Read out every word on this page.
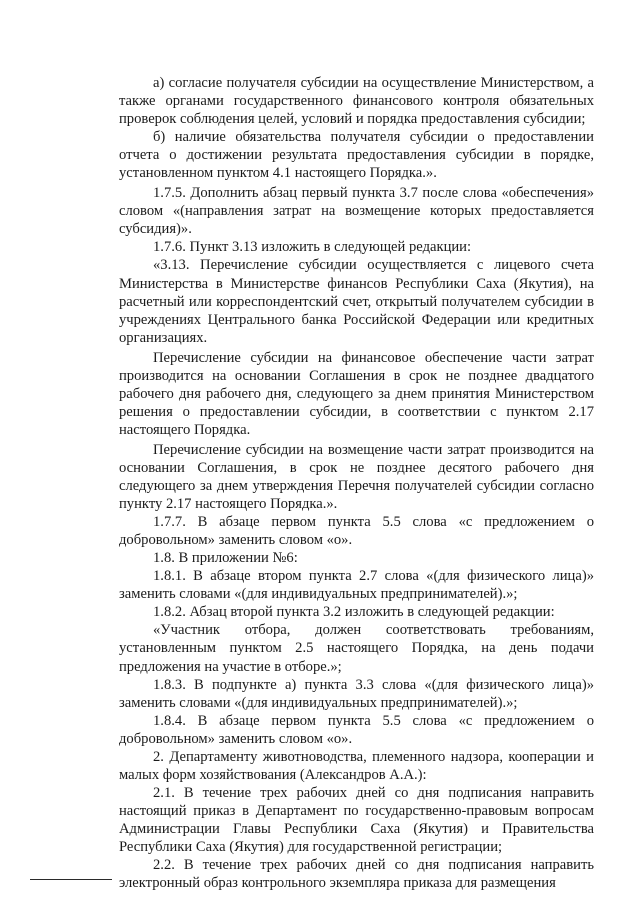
а) согласие получателя субсидии на осуществление Министерством, а также органами государственного финансового контроля обязательных проверок соблюдения целей, условий и порядка предоставления субсидии;

б) наличие обязательства получателя субсидии о предоставлении отчета о достижении результата предоставления субсидии в порядке, установленном пунктом 4.1 настоящего Порядка.».

1.7.5. Дополнить абзац первый пункта 3.7 после слова «обеспечения» словом «(направления затрат на возмещение которых предоставляется субсидия)».

1.7.6. Пункт 3.13 изложить в следующей редакции:

«3.13. Перечисление субсидии осуществляется с лицевого счета Министерства в Министерстве финансов Республики Саха (Якутия), на расчетный или корреспондентский счет, открытый получателем субсидии в учреждениях Центрального банка Российской Федерации или кредитных организациях.

Перечисление субсидии на финансовое обеспечение части затрат производится на основании Соглашения в срок не позднее двадцатого рабочего дня рабочего дня, следующего за днем принятия Министерством решения о предоставлении субсидии, в соответствии с пунктом 2.17 настоящего Порядка.

Перечисление субсидии на возмещение части затрат производится на основании Соглашения, в срок не позднее десятого рабочего дня следующего за днем утверждения Перечня получателей субсидии согласно пункту 2.17 настоящего Порядка.».

1.7.7. В абзаце первом пункта 5.5 слова «с предложением о добровольном» заменить словом «о».

1.8. В приложении №6:

1.8.1. В абзаце втором пункта 2.7 слова «(для физического лица)» заменить словами «(для индивидуальных предпринимателей).»;

1.8.2. Абзац второй пункта 3.2 изложить в следующей редакции:

«Участник отбора, должен соответствовать требованиям, установленным пунктом 2.5 настоящего Порядка, на день подачи предложения на участие в отборе.»;

1.8.3. В подпункте а) пункта 3.3 слова «(для физического лица)» заменить словами «(для индивидуальных предпринимателей).»;

1.8.4. В абзаце первом пункта 5.5 слова «с предложением о добровольном» заменить словом «о».

2. Департаменту животноводства, племенного надзора, кооперации и малых форм хозяйствования (Александров А.А.):

2.1. В течение трех рабочих дней со дня подписания направить настоящий приказ в Департамент по государственно-правовым вопросам Администрации Главы Республики Саха (Якутия) и Правительства Республики Саха (Якутия) для государственной регистрации;

2.2. В течение трех рабочих дней со дня подписания направить электронный образ контрольного экземпляра приказа для размещения
